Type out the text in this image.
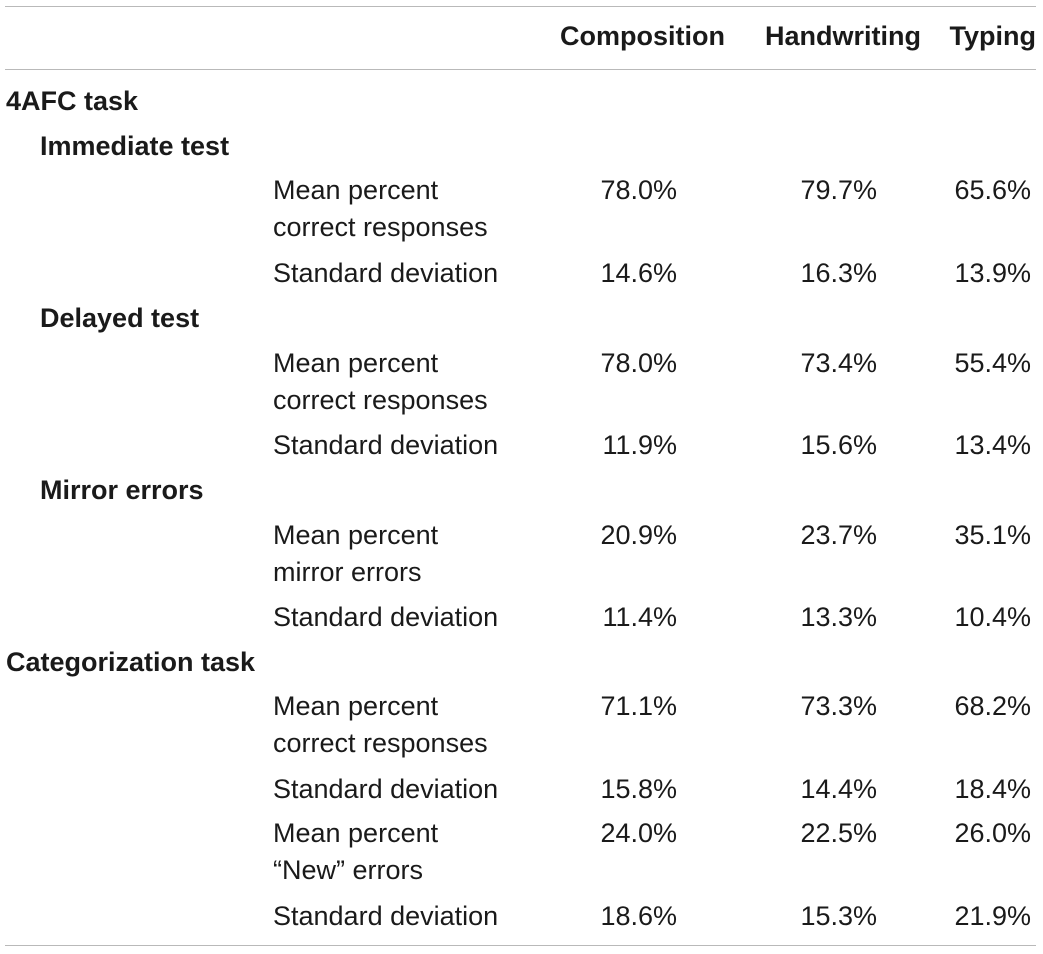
Composition Handwriting Typing
4AFC task
Immediate test
Mean percent
correct responses
78.0%	79.7%	65.6%
Standard deviation	14.6%	16.3%	13.9%
Delayed test
Mean percent
correct responses
78.0%	73.4%	55.4%
Standard deviation	11.9%	15.6%	13.4%
Mirror errors
Mean percent
mirror errors
20.9%	23.7%	35.1%
Standard deviation	11.4%	13.3%	10.4%
Categorization task
Mean percent
correct responses
71.1%	73.3%	68.2%
Standard deviation	15.8%	14.4%	18.4%
Mean percent
“New” errors
24.0%	22.5%	26.0%
Standard deviation	18.6%	15.3%	21.9%
